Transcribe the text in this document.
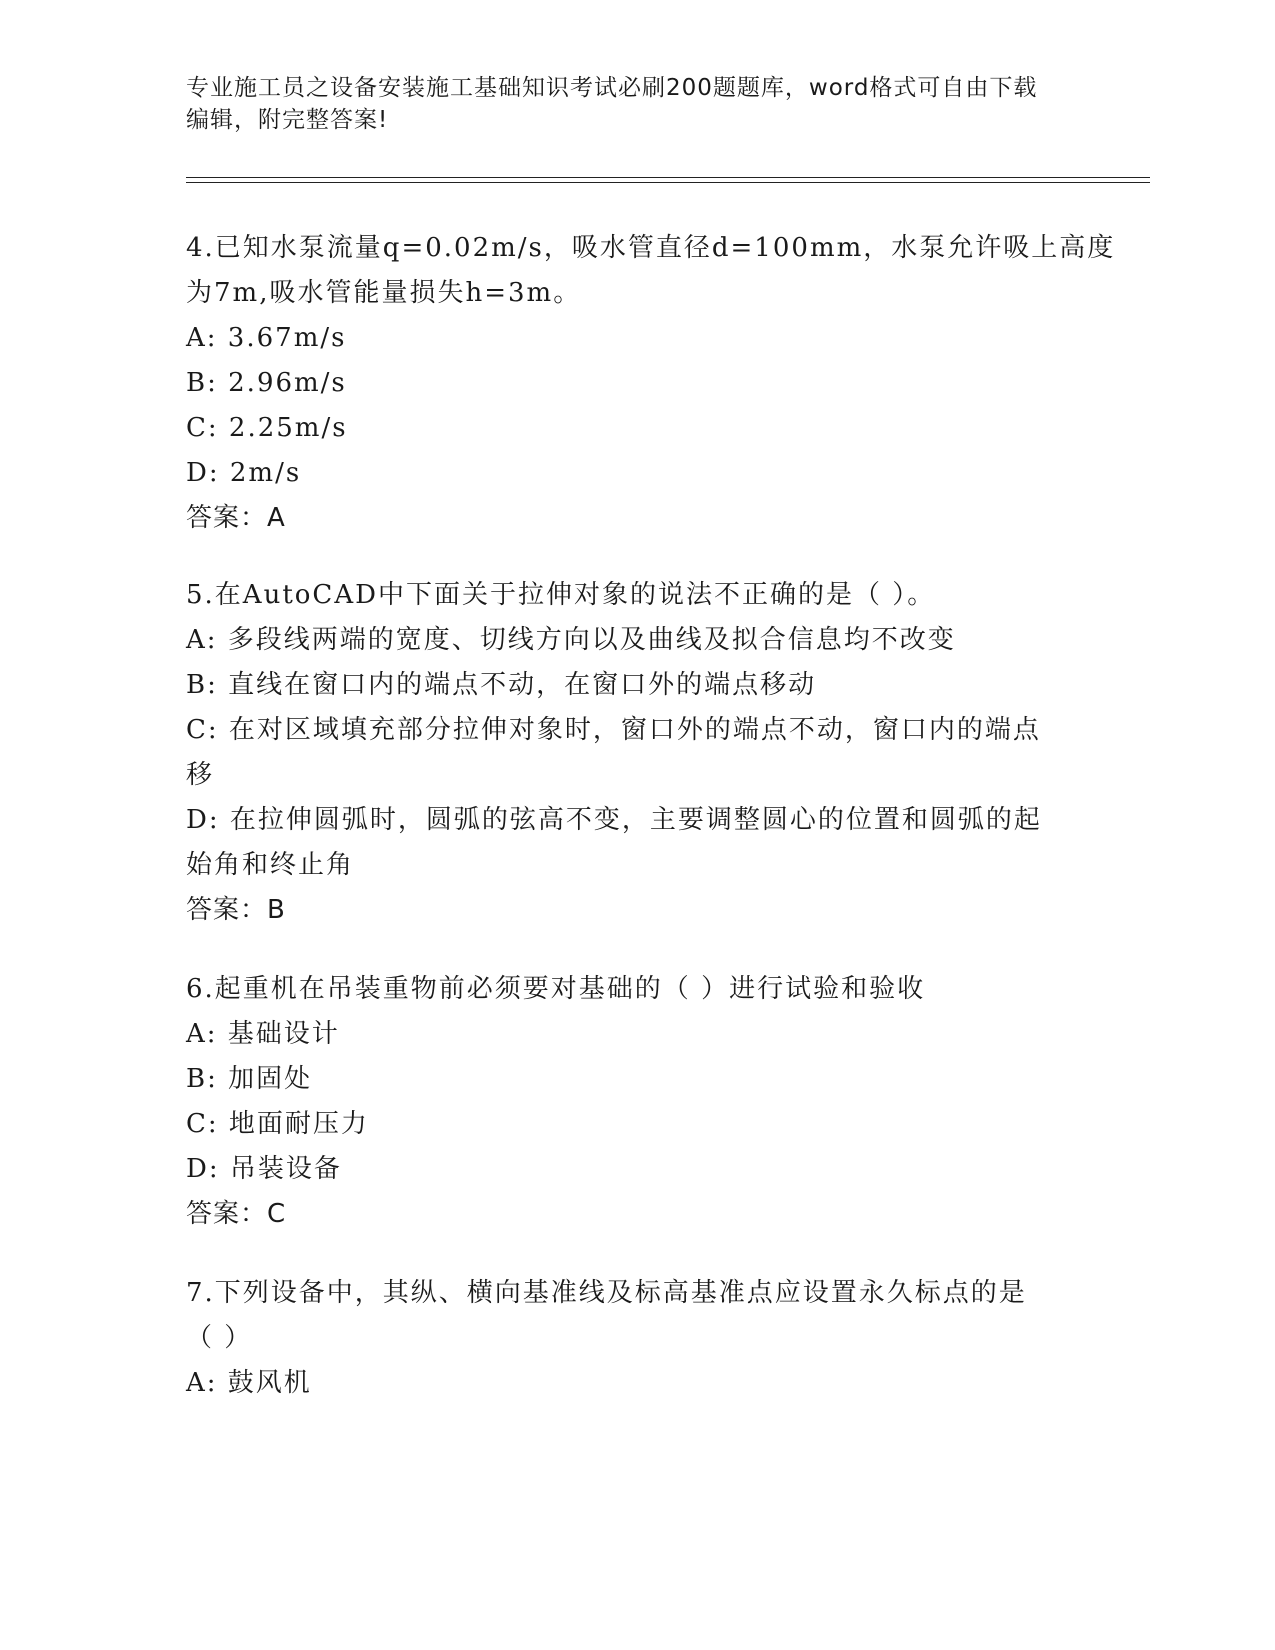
专业施工员之设备安装施工基础知识考试必刷200题题库，word格式可自由下载
编辑，附完整答案!
4.已知水泵流量q=0.02m/s，吸水管直径d=100mm，水泵允许吸上高度
为7m,吸水管能量损失h=3m。
A: 3.67m/s
B: 2.96m/s
C: 2.25m/s
D: 2m/s
答案：A
5.在AutoCAD中下面关于拉伸对象的说法不正确的是（ ）。
A: 多段线两端的宽度、切线方向以及曲线及拟合信息均不改变
B: 直线在窗口内的端点不动，在窗口外的端点移动
C: 在对区域填充部分拉伸对象时，窗口外的端点不动，窗口内的端点
移
D: 在拉伸圆弧时，圆弧的弦高不变，主要调整圆心的位置和圆弧的起
始角和终止角
答案：B
6.起重机在吊装重物前必须要对基础的（ ）进行试验和验收
A: 基础设计
B: 加固处
C: 地面耐压力
D: 吊装设备
答案：C
7.下列设备中，其纵、横向基准线及标高基准点应设置永久标点的是
（ ）
A: 鼓风机
